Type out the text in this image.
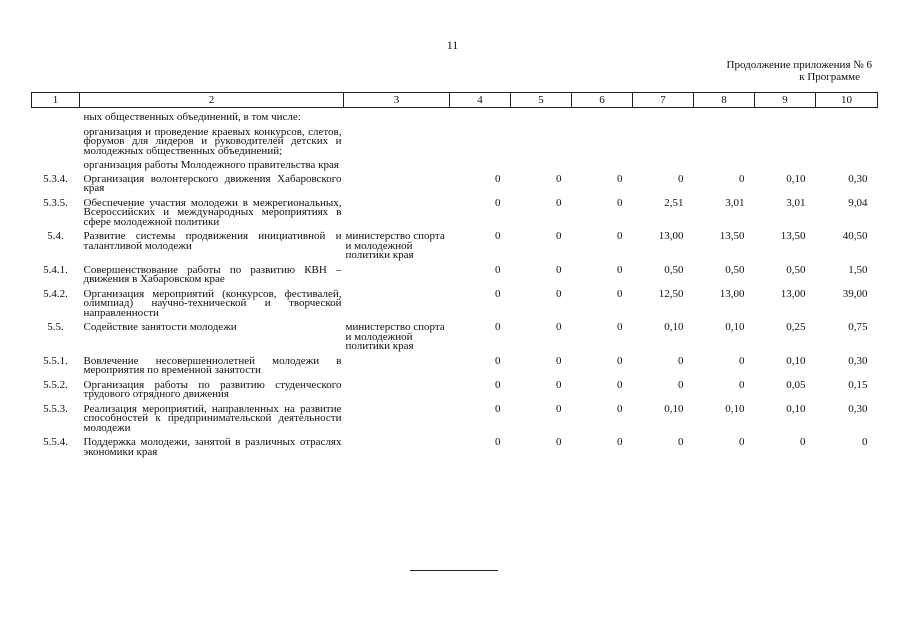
11
Продолжение приложения № 6
к Программе
1	2	3	4	5	6	7	8	9	10
	ных общественных объединений, в том числе:								
	организация и проведение краевых конкурсов, слетов, форумов для лидеров и руководителей детских и молодежных общественных объединений;								
	организация работы Молодежного правительства края								
5.3.4.	Организация волонтерского движения Хабаровского края		0	0	0	0	0	0,10	0,30
5.3.5.	Обеспечение участия молодежи в межрегиональных, Всероссийских и международных мероприятиях в сфере молодежной политики		0	0	0	2,51	3,01	3,01	9,04
5.4.	Развитие системы продвижения инициативной и талантливой молодежи	министерство спорта и молодежной политики края	0	0	0	13,00	13,50	13,50	40,50
5.4.1.	Совершенствование работы по развитию КВН – движения в Хабаровском крае		0	0	0	0,50	0,50	0,50	1,50
5.4.2.	Организация мероприятий (конкурсов, фестивалей, олимпиад) научно-технической и творческой направленности		0	0	0	12,50	13,00	13,00	39,00
5.5.	Содействие занятости молодежи	министерство спорта и молодежной политики края	0	0	0	0,10	0,10	0,25	0,75
5.5.1.	Вовлечение несовершеннолетней молодежи в мероприятия по временной занятости		0	0	0	0	0	0,10	0,30
5.5.2.	Организация работы по развитию студенческого трудового отрядного движения		0	0	0	0	0	0,05	0,15
5.5.3.	Реализация мероприятий, направленных на развитие способностей к предпринимательской деятельности молодежи		0	0	0	0,10	0,10	0,10	0,30
5.5.4.	Поддержка молодежи, занятой в различных отраслях экономики края		0	0	0	0	0	0	0
